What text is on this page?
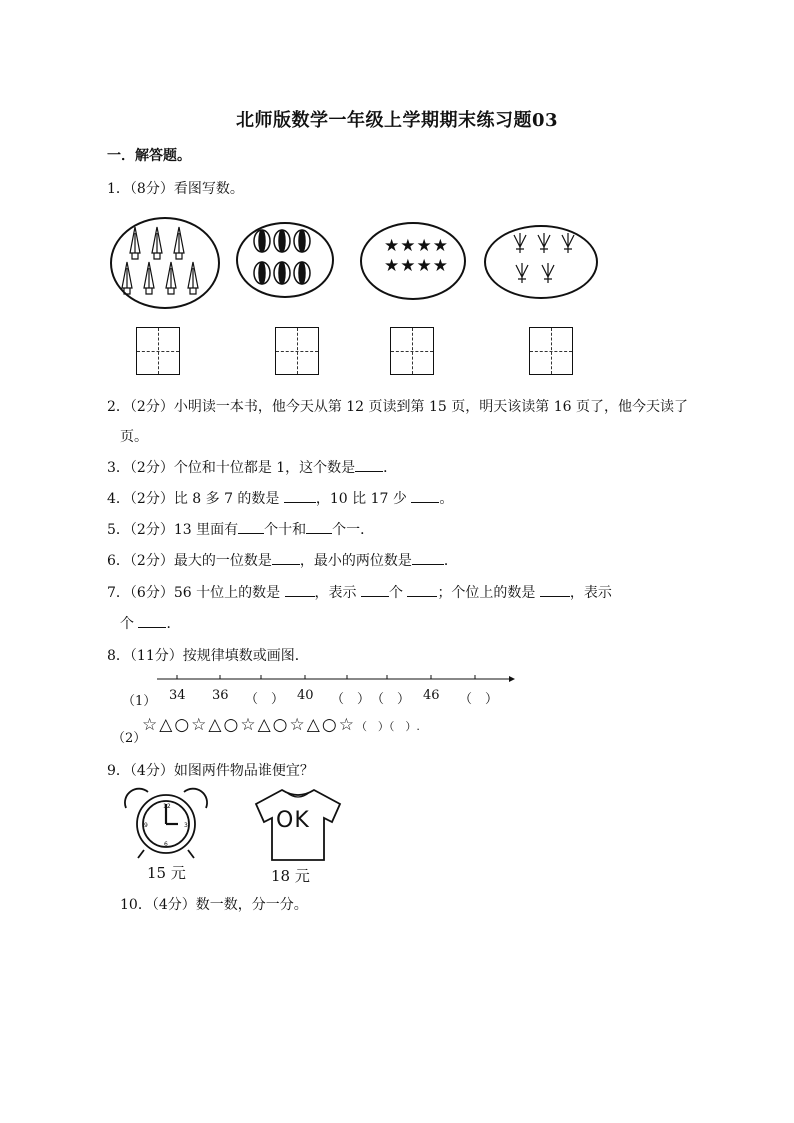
北师版数学一年级上学期期末练习题03
一．解答题。
1．（8分）看图写数。
★★★★
★★★★
2．（2分）小明读一本书，他今天从第 12 页读到第 15 页，明天该读第 16 页了，他今天读了
页。
3．（2分）个位和十位都是 1，这个数是 ．
4．（2分）比 8 多 7 的数是 ，10 比 17 少 。
5．（2分）13 里面有 个十和 个一．
6．（2分）最大的一位数是 ，最小的两位数是 ．
7．（6分）56 十位上的数是 ，表示 个 ；个位上的数是 ，表示
个 ．
8．（11分）按规律填数或画图．
（1） 34 36 （　） 40 （　） （　） 46 （　）
（2）
☆△○☆△○☆△○☆△○☆（　）（　）.
9．（4分）如图两件物品谁便宜？
12
3
6
9
15 元
OK
18 元
10．（4分）数一数，分一分。
